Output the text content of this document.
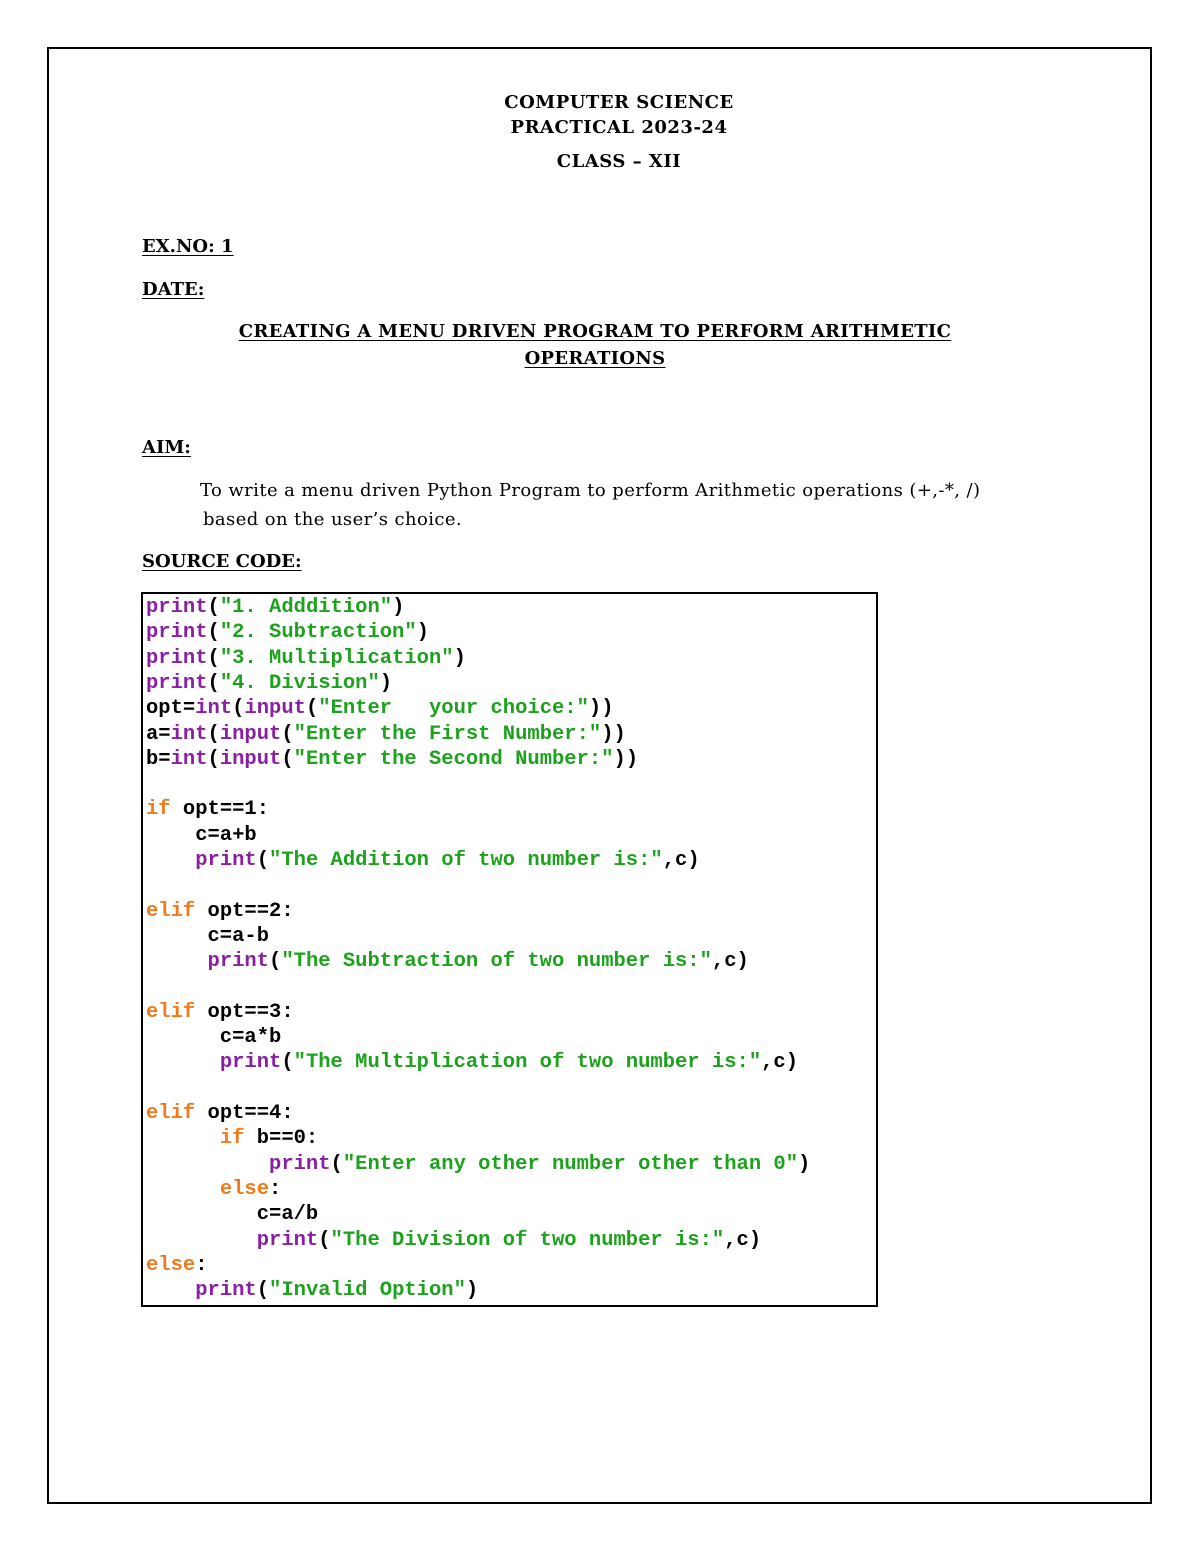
COMPUTER SCIENCE
PRACTICAL 2023-24
CLASS – XII
EX.NO: 1
DATE:
CREATING A MENU DRIVEN PROGRAM TO PERFORM ARITHMETIC
OPERATIONS
AIM:
To write a menu driven Python Program to perform Arithmetic operations (+,-*, /)
based on the user’s choice.
SOURCE CODE:
print("1. Adddition")
print("2. Subtraction")
print("3. Multiplication")
print("4. Division")
opt=int(input("Enter   your choice:"))
a=int(input("Enter the First Number:"))
b=int(input("Enter the Second Number:"))
if opt==1:
c=a+b
print("The Addition of two number is:",c)
elif opt==2:
c=a-b
print("The Subtraction of two number is:",c)
elif opt==3:
c=a*b
print("The Multiplication of two number is:",c)
elif opt==4:
if b==0:
print("Enter any other number other than 0")
else:
c=a/b
print("The Division of two number is:",c)
else:
print("Invalid Option")
